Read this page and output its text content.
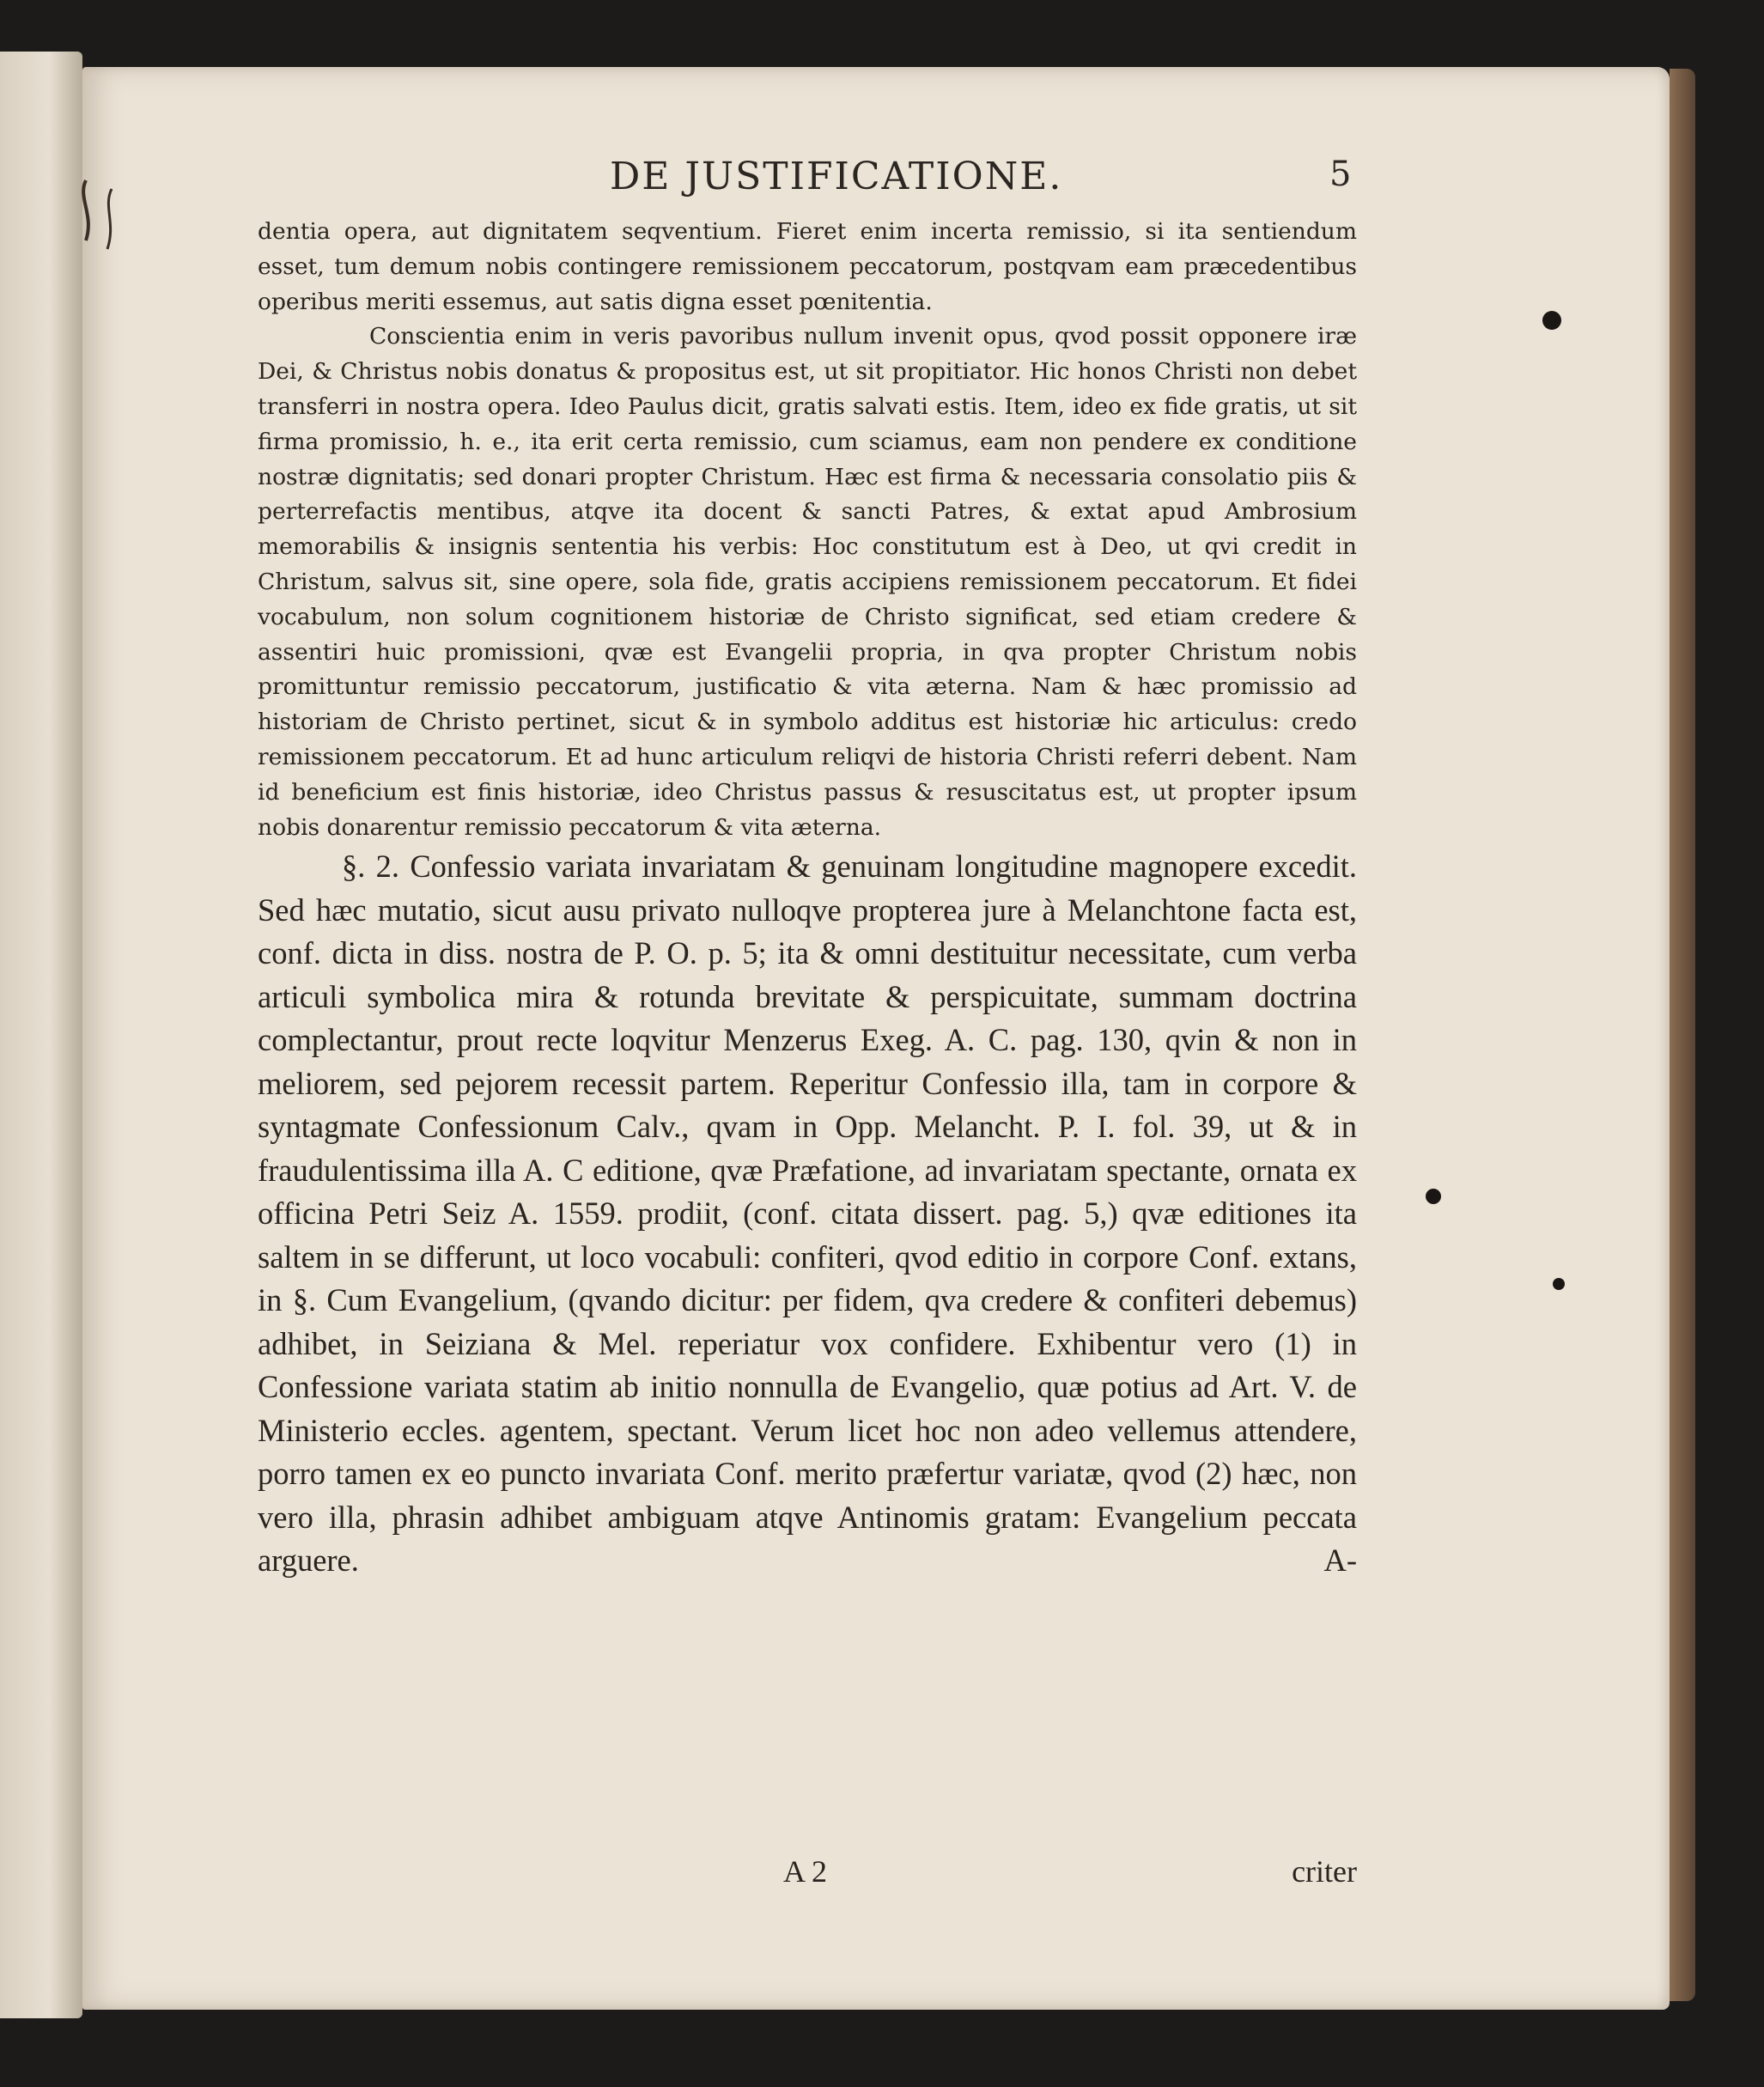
DE JUSTIFICATIONE.	5

dentia opera, aut dignitatem seqventium. Fieret enim incerta remissio, si ita sentiendum esset, tum demum nobis contingere remissionem peccatorum, postqvam eam præcedentibus operibus meriti essemus, aut satis digna esset pœnitentia.

Conscientia enim in veris pavoribus nullum invenit opus, qvod possit opponere iræ Dei, & Christus nobis donatus & propositus est, ut sit propitiator. Hic honos Christi non debet transferri in nostra opera. Ideo Paulus dicit, gratis salvati estis. Item, ideo ex fide gratis, ut sit firma promissio, h. e., ita erit certa remissio, cum sciamus, eam non pendere ex conditione nostræ dignitatis; sed donari propter Christum. Hæc est firma & necessaria consolatio piis & perterrefactis mentibus, atqve ita docent & sancti Patres, & extat apud Ambrosium memorabilis & insignis sententia his verbis: Hoc constitutum est à Deo, ut qvi credit in Christum, salvus sit, sine opere, sola fide, gratis accipiens remissionem peccatorum. Et fidei vocabulum, non solum cognitionem historiæ de Christo significat, sed etiam credere & assentiri huic promissioni, qvæ est Evangelii propria, in qva propter Christum nobis promittuntur remissio peccatorum, justificatio & vita æterna. Nam & hæc promissio ad historiam de Christo pertinet, sicut & in symbolo additus est historiæ hic articulus: credo remissionem peccatorum. Et ad hunc articulum reliqvi de historia Christi referri debent. Nam id beneficium est finis historiæ, ideo Christus passus & resuscitatus est, ut propter ipsum nobis donarentur remissio peccatorum & vita æterna.

§. 2. Confessio variata invariatam & genuinam longitudine magnopere excedit. Sed hæc mutatio, sicut ausu privato nulloqve propterea jure à Melanchtone facta est, conf. dicta in diss. nostra de P. O. p. 5; ita & omni destituitur necessitate, cum verba articuli symbolica mira & rotunda brevitate & perspicuitate, summam doctrina complectantur, prout recte loqvitur Menzerus Exeg. A. C. pag. 130, qvin & non in meliorem, sed pejorem recessit partem. Reperitur Confessio illa, tam in corpore & syntagmate Confessionum Calv., qvam in Opp. Melancht. P. I. fol. 39, ut & in fraudulentissima illa A. C editione, qvæ Præfatione, ad invariatam spectante, ornata ex officina Petri Seiz A. 1559. prodiit, (conf. citata dissert. pag. 5,) qvæ editiones ita saltem in se differunt, ut loco vocabuli: confiteri, qvod editio in corpore Conf. extans, in §. Cum Evangelium, (qvando dicitur: per fidem, qva credere & confiteri debemus) adhibet, in Seiziana & Mel. reperiatur vox confidere. Exhibentur vero (1) in Confessione variata statim ab initio nonnulla de Evangelio, quæ potius ad Art. V. de Ministerio eccles. agentem, spectant. Verum licet hoc non adeo vellemus attendere, porro tamen ex eo puncto invariata Conf. merito præfertur variatæ, qvod (2) hæc, non vero illa, phrasin adhibet ambiguam atqve Antinomis gratam: Evangelium peccata arguere. A-

A 2	criter
